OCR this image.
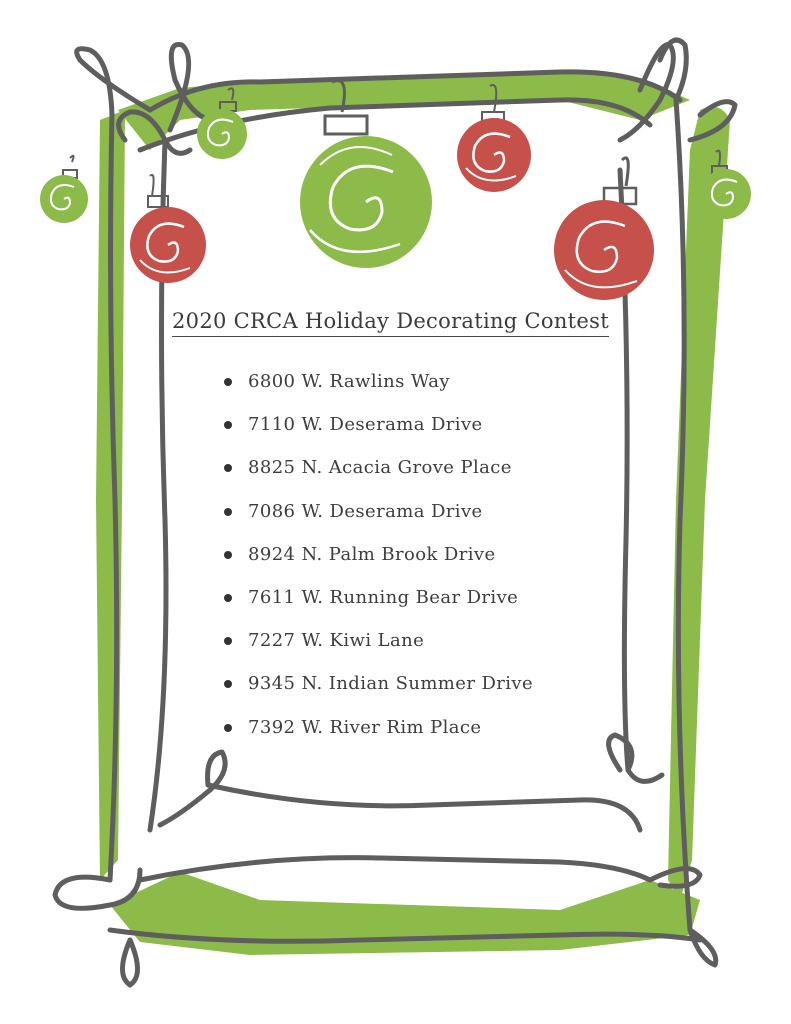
2020 CRCA Holiday Decorating Contest
6800 W. Rawlins Way
7110 W. Deserama Drive
8825 N. Acacia Grove Place
7086 W. Deserama Drive
8924 N. Palm Brook Drive
7611 W. Running Bear Drive
7227 W. Kiwi Lane
9345 N. Indian Summer Drive
7392 W. River Rim Place
